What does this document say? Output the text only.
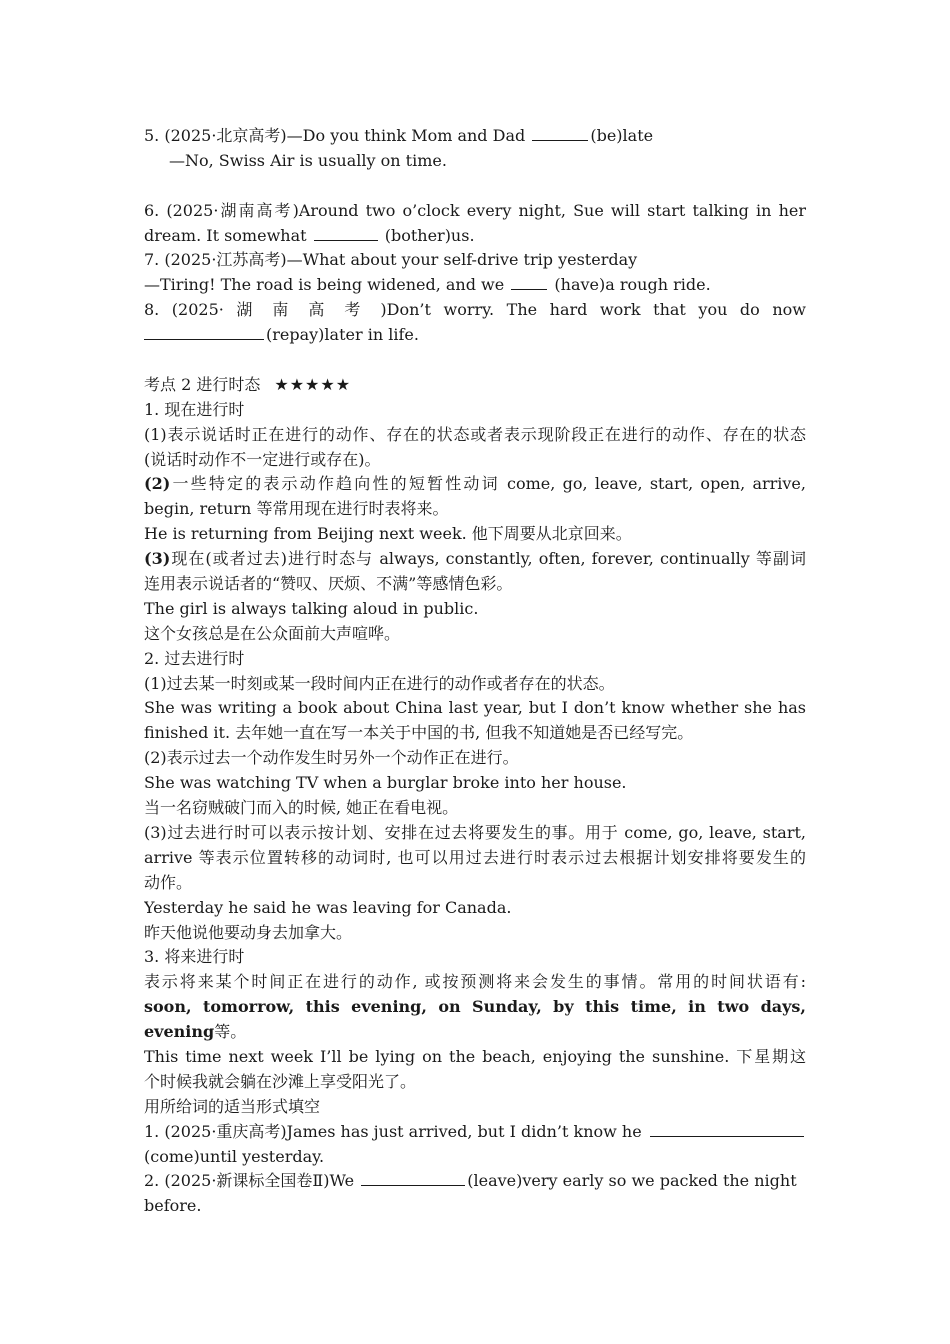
5. (2025·北京高考)—Do you think Mom and Dad	(be)late
—No, Swiss Air is usually on time.
6. (2025·湖南高考)Around two o’clock every night, Sue will start talking in her
dream. It somewhat	(bother)us.
7. (2025·江苏高考)—What about your self-drive trip yesterday
—Tiring! The road is being widened, and we	(have)a rough ride.
8. (2025· 湖 南 高 考 )Don’t worry. The hard work that you do now
(repay)later in life.
考点 2 进行时态 ★★★★★
1. 现在进行时
(1)表示说话时正在进行的动作、存在的状态或者表示现阶段正在进行的动作、存在的状态
(说话时动作不一定进行或存在)。
(2)一些特定的表示动作趋向性的短暂性动词 come, go, leave, start, open, arrive,
begin, return 等常用现在进行时表将来。
He is returning from Beijing next week. 他下周要从北京回来。
(3)现在(或者过去)进行时态与 always, constantly, often, forever, continually 等副词
连用表示说话者的“赞叹、厌烦、不满”等感情色彩。
The girl is always talking aloud in public.
这个女孩总是在公众面前大声喧哗。
2. 过去进行时
(1)过去某一时刻或某一段时间内正在进行的动作或者存在的状态。
She was writing a book about China last year, but I don’t know whether she has
finished it. 去年她一直在写一本关于中国的书, 但我不知道她是否已经写完。
(2)表示过去一个动作发生时另外一个动作正在进行。
She was watching TV when a burglar broke into her house.
当一名窃贼破门而入的时候, 她正在看电视。
(3)过去进行时可以表示按计划、安排在过去将要发生的事。用于 come, go, leave, start,
arrive 等表示位置转移的动词时, 也可以用过去进行时表示过去根据计划安排将要发生的
动作。
Yesterday he said he was leaving for Canada.
昨天他说他要动身去加拿大。
3. 将来进行时
表示将来某个时间正在进行的动作, 或按预测将来会发生的事情。常用的时间状语有:
soon, tomorrow, this evening, on Sunday, by this time, in two days,
evening等。
This time next week I’ll be lying on the beach, enjoying the sunshine. 下星期这
个时候我就会躺在沙滩上享受阳光了。
用所给词的适当形式填空
1. (2025·重庆高考)James has just arrived, but I didn’t know he
(come)until yesterday.
2. (2025·新课标全国卷Ⅱ)We	(leave)very early so we packed the night
before.
